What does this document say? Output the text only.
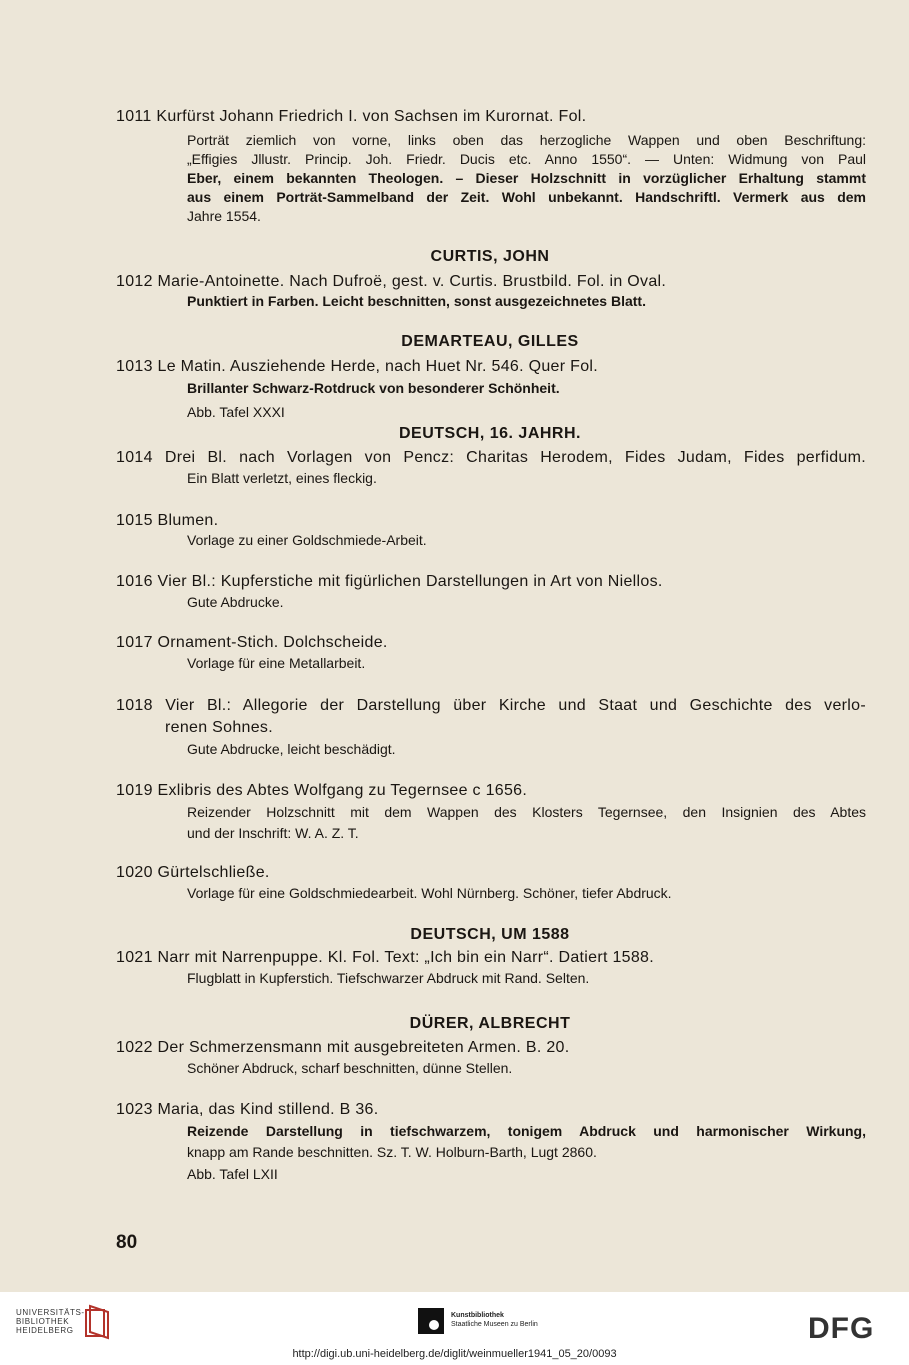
1011 Kurfürst Johann Friedrich I. von Sachsen im Kurornat. Fol.
Porträt ziemlich von vorne, links oben das herzogliche Wappen und oben Beschriftung:
„Effigies Jllustr. Princip. Joh. Friedr. Ducis etc. Anno 1550“. — Unten: Widmung von Paul
Eber, einem bekannten Theologen. – Dieser Holzschnitt in vorzüglicher Erhaltung stammt
aus einem Porträt-Sammelband der Zeit. Wohl unbekannt. Handschriftl. Vermerk aus dem
Jahre 1554.
CURTIS, JOHN
1012 Marie-Antoinette. Nach Dufroë, gest. v. Curtis. Brustbild. Fol. in Oval.
Punktiert in Farben. Leicht beschnitten, sonst ausgezeichnetes Blatt.
DEMARTEAU, GILLES
1013 Le Matin. Ausziehende Herde, nach Huet Nr. 546. Quer Fol.
Brillanter Schwarz-Rotdruck von besonderer Schönheit.
Abb. Tafel XXXI
DEUTSCH, 16. JAHRH.
1014 Drei Bl. nach Vorlagen von Pencz: Charitas Herodem, Fides Judam, Fides perfidum.
Ein Blatt verletzt, eines fleckig.
1015 Blumen.
Vorlage zu einer Goldschmiede-Arbeit.
1016 Vier Bl.: Kupferstiche mit figürlichen Darstellungen in Art von Niellos.
Gute Abdrucke.
1017 Ornament-Stich. Dolchscheide.
Vorlage für eine Metallarbeit.
1018 Vier Bl.: Allegorie der Darstellung über Kirche und Staat und Geschichte des verlo-
renen Sohnes.
Gute Abdrucke, leicht beschädigt.
1019 Exlibris des Abtes Wolfgang zu Tegernsee c 1656.
Reizender Holzschnitt mit dem Wappen des Klosters Tegernsee, den Insignien des Abtes
und der Inschrift: W. A. Z. T.
1020 Gürtelschließe.
Vorlage für eine Goldschmiedearbeit. Wohl Nürnberg. Schöner, tiefer Abdruck.
DEUTSCH, UM 1588
1021 Narr mit Narrenpuppe. Kl. Fol. Text: „Ich bin ein Narr“. Datiert 1588.
Flugblatt in Kupferstich. Tiefschwarzer Abdruck mit Rand. Selten.
DÜRER, ALBRECHT
1022 Der Schmerzensmann mit ausgebreiteten Armen. B. 20.
Schöner Abdruck, scharf beschnitten, dünne Stellen.
1023 Maria, das Kind stillend. B 36.
Reizende Darstellung in tiefschwarzem, tonigem Abdruck und harmonischer Wirkung,
knapp am Rande beschnitten. Sz. T. W. Holburn-Barth, Lugt 2860.
Abb. Tafel LXII
80
UNIVERSITÄTS-
BIBLIOTHEK
HEIDELBERG
Kunstbibliothek
Staatliche Museen zu Berlin	DFG
http://digi.ub.uni-heidelberg.de/diglit/weinmueller1941_05_20/0093
